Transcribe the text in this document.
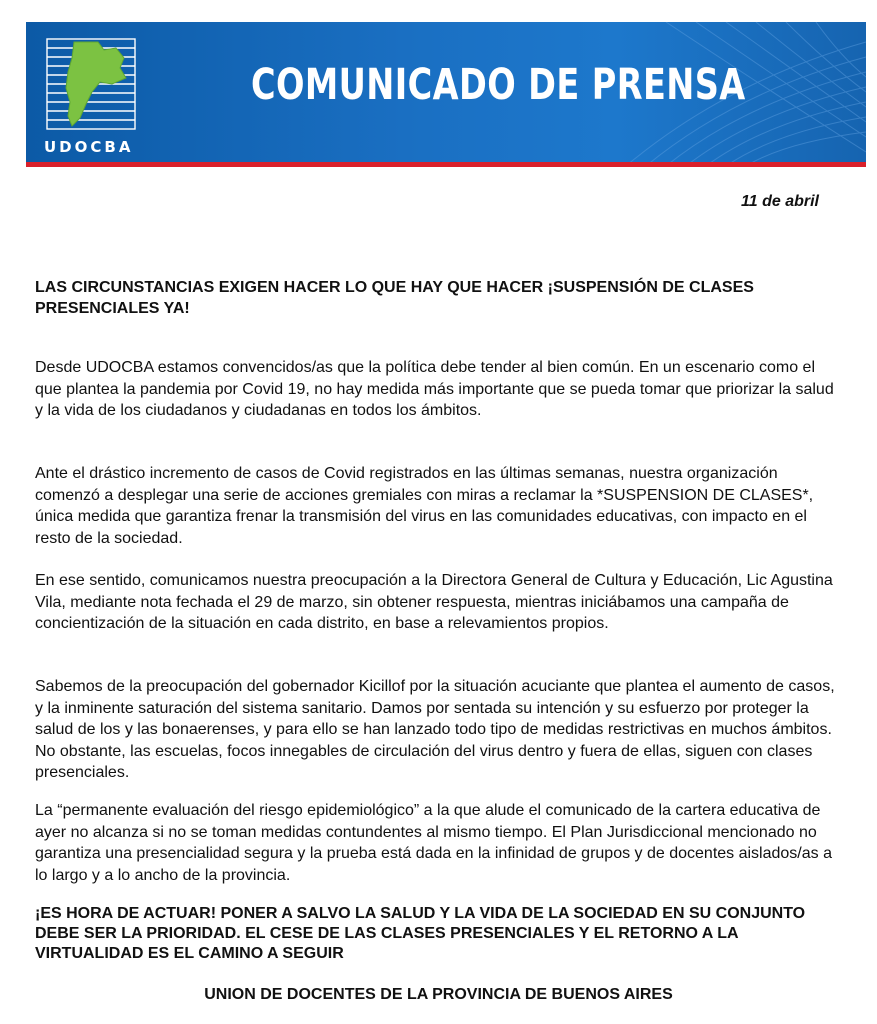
UDOCBA
COMUNICADO DE PRENSA
11 de abril
LAS CIRCUNSTANCIAS EXIGEN HACER LO QUE HAY QUE HACER ¡SUSPENSIÓN DE CLASES PRESENCIALES YA!
Desde UDOCBA estamos convencidos/as que la política debe tender al bien común. En un escenario como el que plantea la pandemia por Covid 19, no hay medida más importante que se pueda tomar que priorizar la salud y la vida de los ciudadanos y ciudadanas en todos los ámbitos.
Ante el drástico incremento de casos de Covid registrados en las últimas semanas, nuestra organización comenzó a desplegar una serie de acciones gremiales con miras a reclamar la *SUSPENSION DE CLASES*, única medida que garantiza frenar la transmisión del virus en las comunidades educativas, con impacto en el resto de la sociedad.
En ese sentido, comunicamos nuestra preocupación a la Directora General de Cultura y Educación, Lic Agustina Vila, mediante nota fechada el 29 de marzo, sin obtener respuesta, mientras iniciábamos una campaña de concientización de la situación en cada distrito, en base a relevamientos propios.
Sabemos de la preocupación del gobernador Kicillof por la situación acuciante que plantea el aumento de casos, y la inminente saturación del sistema sanitario. Damos por sentada su intención y su esfuerzo por proteger la salud de los y las bonaerenses, y para ello se han lanzado todo tipo de medidas restrictivas en muchos ámbitos. No obstante, las escuelas, focos innegables de circulación del virus dentro y fuera de ellas, siguen con clases presenciales.
La “permanente evaluación del riesgo epidemiológico” a la que alude el comunicado de la cartera educativa de ayer no alcanza si no se toman medidas contundentes al mismo tiempo. El Plan Jurisdiccional mencionado no garantiza una presencialidad segura y la prueba está dada en la infinidad de grupos y de docentes aislados/as a lo largo y a lo ancho de la provincia.
¡ES HORA DE ACTUAR! PONER A SALVO LA SALUD Y LA VIDA DE LA SOCIEDAD EN SU CONJUNTO DEBE SER LA PRIORIDAD. EL CESE DE LAS CLASES PRESENCIALES Y EL RETORNO A LA VIRTUALIDAD ES EL CAMINO A SEGUIR
UNION DE DOCENTES DE LA PROVINCIA DE BUENOS AIRES
